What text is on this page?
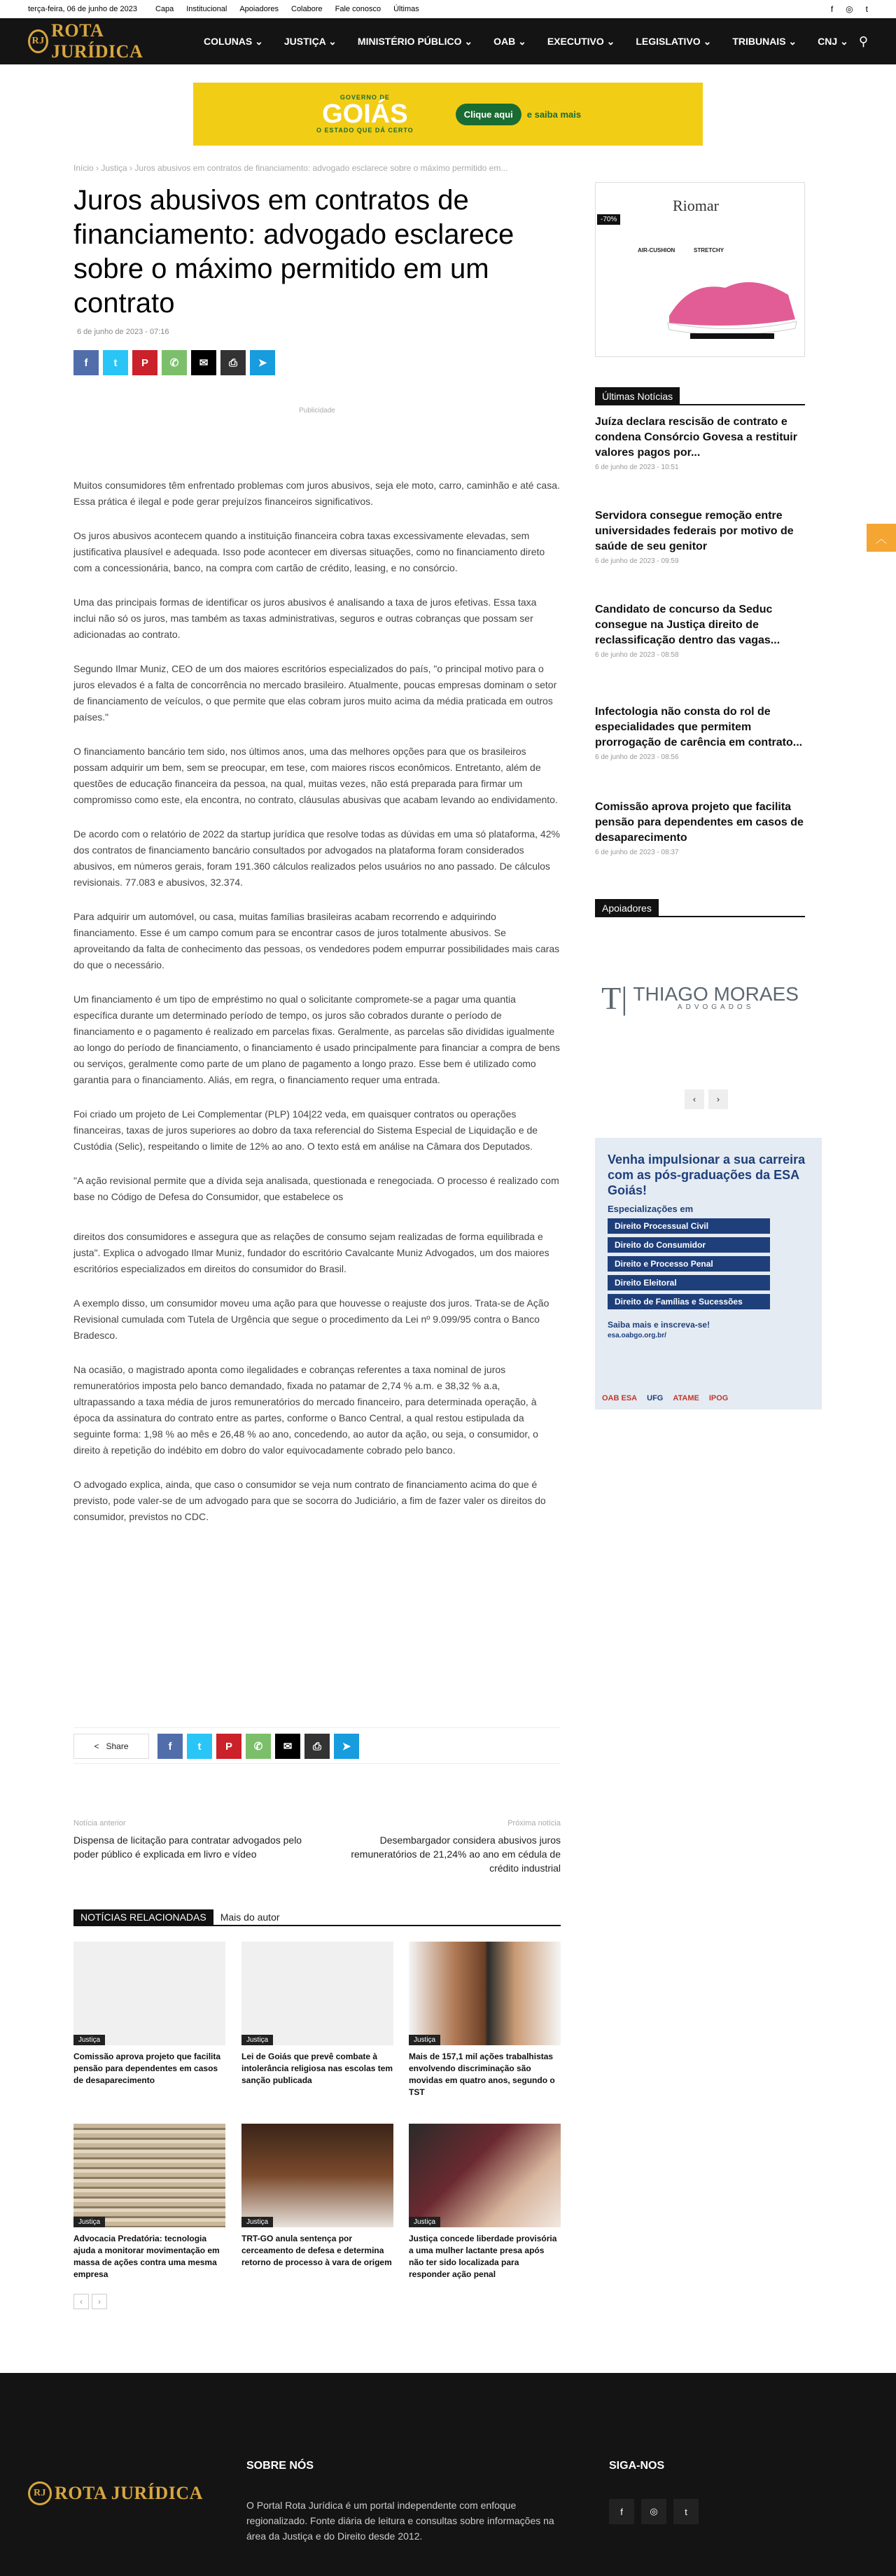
terça-feira, 06 de junho de 2023 Capa Institucional Apoiadores Colabore Fale conosco Últimas	f ◎ t
RJ
ROTA JURÍDICA
COLUNAS ⌄	JUSTIÇA ⌄	MINISTÉRIO PÚBLICO ⌄	OAB ⌄	EXECUTIVO ⌄	LEGISLATIVO ⌄	TRIBUNAIS ⌄	CNJ ⌄ ⚲
GOVERNO DE
GOIÁS
O ESTADO QUE DÁ CERTO
Clique aqui	e saiba mais
Início › Justiça › Juros abusivos em contratos de financiamento: advogado esclarece sobre o máximo permitido em...
Juros abusivos em contratos de financiamento: advogado esclarece sobre o máximo permitido em um contrato
6 de junho de 2023 - 07:16
f t P ✆ ✉ ⎙ ➤
Publicidade

Muitos consumidores têm enfrentado problemas com juros abusivos, seja ele moto, carro, caminhão e até casa. Essa prática é ilegal e pode gerar prejuízos financeiros significativos.

Os juros abusivos acontecem quando a instituição financeira cobra taxas excessivamente elevadas, sem justificativa plausível e adequada. Isso pode acontecer em diversas situações, como no financiamento direto com a concessionária, banco, na compra com cartão de crédito, leasing, e no consórcio.

Uma das principais formas de identificar os juros abusivos é analisando a taxa de juros efetivas. Essa taxa inclui não só os juros, mas também as taxas administrativas, seguros e outras cobranças que possam ser adicionadas ao contrato.

Segundo Ilmar Muniz, CEO de um dos maiores escritórios especializados do país, "o principal motivo para o juros elevados é a falta de concorrência no mercado brasileiro. Atualmente, poucas empresas dominam o setor de financiamento de veículos, o que permite que elas cobram juros muito acima da média praticada em outros países."

O financiamento bancário tem sido, nos últimos anos, uma das melhores opções para que os brasileiros possam adquirir um bem, sem se preocupar, em tese, com maiores riscos econômicos. Entretanto, além de questões de educação financeira da pessoa, na qual, muitas vezes, não está preparada para firmar um compromisso como este, ela encontra, no contrato, cláusulas abusivas que acabam levando ao endividamento.

De acordo com o relatório de 2022 da startup jurídica que resolve todas as dúvidas em uma só plataforma, 42% dos contratos de financiamento bancário consultados por advogados na plataforma foram considerados abusivos, em números gerais, foram 191.360 cálculos realizados pelos usuários no ano passado. De cálculos revisionais. 77.083 e abusivos, 32.374.

Para adquirir um automóvel, ou casa, muitas famílias brasileiras acabam recorrendo e adquirindo financiamento. Esse é um campo comum para se encontrar casos de juros totalmente abusivos. Se aproveitando da falta de conhecimento das pessoas, os vendedores podem empurrar possibilidades mais caras do que o necessário.

Um financiamento é um tipo de empréstimo no qual o solicitante compromete-se a pagar uma quantia específica durante um determinado período de tempo, os juros são cobrados durante o período de financiamento e o pagamento é realizado em parcelas fixas. Geralmente, as parcelas são divididas igualmente ao longo do período de financiamento, o financiamento é usado principalmente para financiar a compra de bens ou serviços, geralmente como parte de um plano de pagamento a longo prazo. Esse bem é utilizado como garantia para o financiamento. Aliás, em regra, o financiamento requer uma entrada.

Foi criado um projeto de Lei Complementar (PLP) 104|22 veda, em quaisquer contratos ou operações financeiras, taxas de juros superiores ao dobro da taxa referencial do Sistema Especial de Liquidação e de Custódia (Selic), respeitando o limite de 12% ao ano. O texto está em análise na Câmara dos Deputados.

"A ação revisional permite que a dívida seja analisada, questionada e renegociada. O processo é realizado com base no Código de Defesa do Consumidor, que estabelece os

direitos dos consumidores e assegura que as relações de consumo sejam realizadas de forma equilibrada e justa". Explica o advogado Ilmar Muniz, fundador do escritório Cavalcante Muniz Advogados, um dos maiores escritórios especializados em direitos do consumidor do Brasil.

A exemplo disso, um consumidor moveu uma ação para que houvesse o reajuste dos juros. Trata-se de Ação Revisional cumulada com Tutela de Urgência que segue o procedimento da Lei nº 9.099/95 contra o Banco Bradesco.

Na ocasião, o magistrado aponta como ilegalidades e cobranças referentes a taxa nominal de juros remuneratórios imposta pelo banco demandado, fixada no patamar de 2,74 % a.m. e 38,32 % a.a, ultrapassando a taxa média de juros remuneratórios do mercado financeiro, para determinada operação, à época da assinatura do contrato entre as partes, conforme o Banco Central, a qual restou estipulada da seguinte forma: 1,98 % ao mês e 26,48 % ao ano, concedendo, ao autor da ação, ou seja, o consumidor, o direito à repetição do indébito em dobro do valor equivocadamente cobrado pelo banco.

O advogado explica, ainda, que caso o consumidor se veja num contrato de financiamento acima do que é previsto, pode valer-se de um advogado para que se socorra do Judiciário, a fim de fazer valer os direitos do consumidor, previstos no CDC.

< Share	f t P ✆ ✉ ⎙ ➤
Notícia anterior
Dispensa de licitação para contratar advogados pelo poder público é explicada em livro e vídeo
Próxima notícia
Desembargador considera abusivos juros remuneratórios de 21,24% ao ano em cédula de crédito industrial
NOTÍCIAS RELACIONADAS	Mais do autor
Justiça
Comissão aprova projeto que facilita pensão para dependentes em casos de desaparecimento
Justiça
Lei de Goiás que prevê combate à intolerância religiosa nas escolas tem sanção publicada
Justiça
Mais de 157,1 mil ações trabalhistas envolvendo discriminação são movidas em quatro anos, segundo o TST
Justiça
Advocacia Predatória: tecnologia ajuda a monitorar movimentação em massa de ações contra uma mesma empresa
Justiça
TRT-GO anula sentença por cerceamento de defesa e determina retorno de processo à vara de origem
Justiça
Justiça concede liberdade provisória a uma mulher lactante presa após não ter sido localizada para responder ação penal
‹	›
-70%
Riomar
AIR-CUSHION	STRETCHY
Últimas Notícias
Juíza declara rescisão de contrato e condena Consórcio Govesa a restituir valores pagos por...
6 de junho de 2023 - 10:51
Servidora consegue remoção entre universidades federais por motivo de saúde de seu genitor
6 de junho de 2023 - 09:59
Candidato de concurso da Seduc consegue na Justiça direito de reclassificação dentro das vagas...
6 de junho de 2023 - 08:58
Infectologia não consta do rol de especialidades que permitem prorrogação de carência em contrato...
6 de junho de 2023 - 08:56
Comissão aprova projeto que facilita pensão para dependentes em casos de desaparecimento
6 de junho de 2023 - 08:37
Apoiadores
Т| THIAGO MORAES
ADVOGADOS
‹	›
Venha impulsionar a sua carreira com as pós-graduações da ESA Goiás!
Especializações em
Direito Processual Civil
Direito do Consumidor
Direito e Processo Penal
Direito Eleitoral
Direito de Famílias e Sucessões
Saiba mais e inscreva-se!
esa.oabgo.org.br/
OAB ESA UFG ATAME IPOG
︿
RJ ROTA JURÍDICA
SOBRE NÓS
O Portal Rota Jurídica é um portal independente com enfoque regionalizado. Fonte diária de leitura e consultas sobre informações na área da Justiça e do Direito desde 2012.
SIGA-NOS
f	◎	t
